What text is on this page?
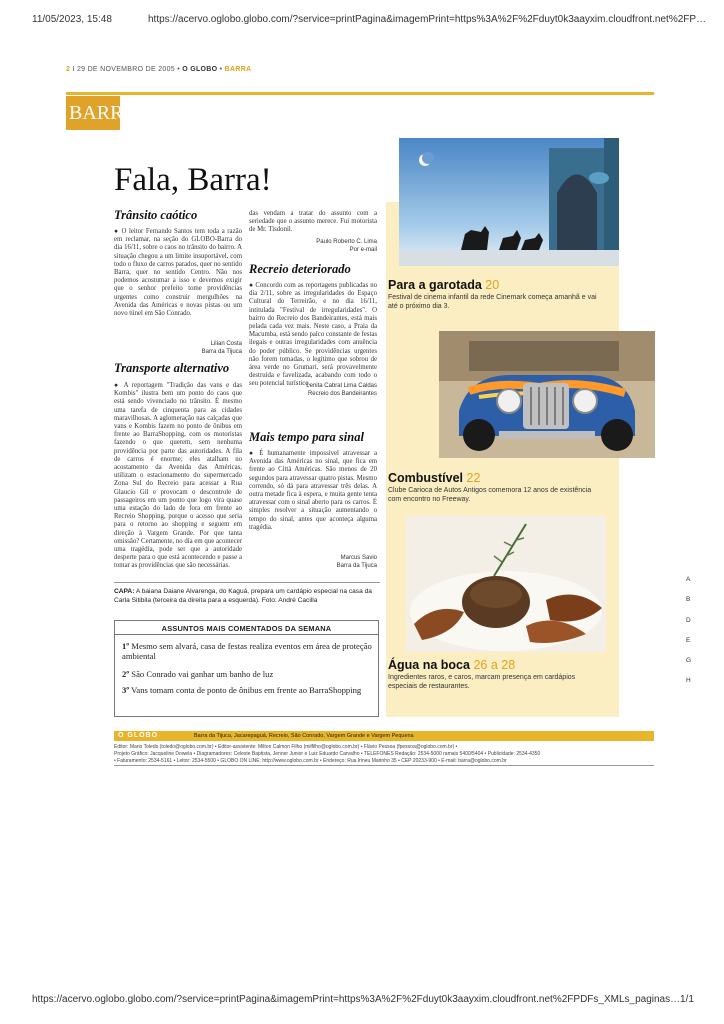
11/05/2023, 15:48	https://acervo.oglobo.globo.com/?service=printPagina&imagemPrint=https%3A%2F%2Fduyt0k3aayxim.cloudfront.net%2FP…
2 I 29 DE NOVEMBRO DE 2005 • O GLOBO • BARRA
BARRA
Fala, Barra!
Trânsito caótico
● O leitor Fernando Santos tem toda a razão em reclamar, na seção do GLOBO-Barra do dia 16/11, sobre o caos no trânsito do bairro. A situação chegou a um limite insuportável, com todo o fluxo de carros parados, quer no sentido Barra, quer no sentido Centro. Não nos podemos acostumar a isso e devemos exigir que o senhor prefeito tome providências urgentes como construir mergulhões na Avenida das Américas e novas pistas ou um novo túnel em São Conrado.
Lilian Costa
Barra da Tijuca
Transporte alternativo
● A reportagem "Tradição das vans e das Kombis" ilustra bem um ponto do caos que está sendo vivenciado no trânsito. É mesmo uma tarefa de cinquenta para as cidades maravilhosas. A aglomeração nas calçadas que vans e Kombis fazem no ponto de ônibus em frente ao BarraShopping, com os motoristas fazendo o que querem, sem nenhuma providência por parte das autoridades. A fila de carros é enorme; eles atalham no acostamento da Avenida das Américas, utilizam o estacionamento do supermercado Zona Sul do Recreio para acessar a Rua Glaucio Gil e provocam o descontrole de passageiros em um ponto que logo vira quase uma estação do lado de fora em frente ao Recreio Shopping, porque o acesso que seria para o retorno ao shopping e seguem em direção à Vargem Grande. Por que tanta omissão? Certamente, no dia em que acontecer uma tragédia, pode ser que a autoridade desperte para o que está acontecendo e passe a tomar as providências que são necessárias.
das vendam a tratar do assunto com a seriedade que o assunto merece. Fui motorista de Mr. Tisdonil.
Paulo Roberto C. Lima
Por e-mail
Recreio deteriorado
● Concordo com as reportagens publicadas no dia 2/11, sobre as irregularidades do Espaço Cultural do Terreirão, e no dia 16/11, intitulada "Festival de irregularidades". O bairro do Recreio dos Bandeirantes, está mais pelada cada vez mais. Neste caso, a Praia da Macumba, está sendo palco constante de festas ilegais e outras irregularidades com anuência do poder público. Se providências urgentes não forem tomadas, o legítimo que sobrou de área verde no Grumari, será provavelmente destruída e favelizada, acabando com todo o seu potencial turístico.
Lenita Cabral Lima Caldas
Recreio dos Bandeirantes
Mais tempo para sinal
● É humanamente impossível atravessar a Avenida das Américas no sinal, que fica em frente ao Città Américas. São menos de 20 segundos para atravessar quatro pistas. Mesmo correndo, só dá para atravessar três delas. A outra metade fica à espera, e muita gente tenta atravessar com o sinal aberto para os carros. É simples resolver a situação aumentando o tempo do sinal, antes que aconteça alguma tragédia.
Marcus Savio
Barra da Tijuca
CAPA: A baiana Daiane Alvarenga, do Kaguá, prepara um cardápio especial na casa da Carla Sitibila (terceira da direita para a esquerda). Foto: André Cacilla
ASSUNTOS MAIS COMENTADOS DA SEMANA
1º Mesmo sem alvará, casa de festas realiza eventos em área de proteção ambiental
2º São Conrado vai ganhar um banho de luz
3º Vans tomam conta de ponto de ônibus em frente ao BarraShopping
Para a garotada 20
Festival de cinema infantil da rede Cinemark começa amanhã e vai até o próximo dia 3.
Combustível 22
Clube Carioca de Autos Antigos comemora 12 anos de existência com encontro no Freeway.
Água na boca 26 a 28
Ingredientes raros, e caros, marcam presença em cardápios especiais de restaurantes.
O GLOBO	Barra da Tijuca, Jacarepaguá, Recreio, São Conrado, Vargem Grande e Vargem Pequena
Editor: Mario Toledo (toledo@oglobo.com.br) • Editor-assistente: Milton Calmon Filho (milfilho@oglobo.com.br) • Flávio Pessoa (fpessoa@oglobo.com.br) •
Projeto Gráfico: Jacqueline Dowela • Diagramadores: Celeste Baptista, Jenner Junior e Luiz Eduardo Carvalho • TELEFONES Redação: 2534-5000 ramais 5400/5404 • Publicidade: 2534-4350
• Faturamento: 2534-5161 • Leitor: 2534-5500 • GLOBO ON LINE: http://www.oglobo.com.br • Endereço: Rua Irineu Marinho 35 • CEP 20233-900 • E-mail: barra@oglobo.com.br
A
B
D
E
G
H
https://acervo.oglobo.globo.com/?service=printPagina&imagemPrint=https%3A%2F%2Fduyt0k3aayxim.cloudfront.net%2FPDFs_XMLs_paginas… 1/1
